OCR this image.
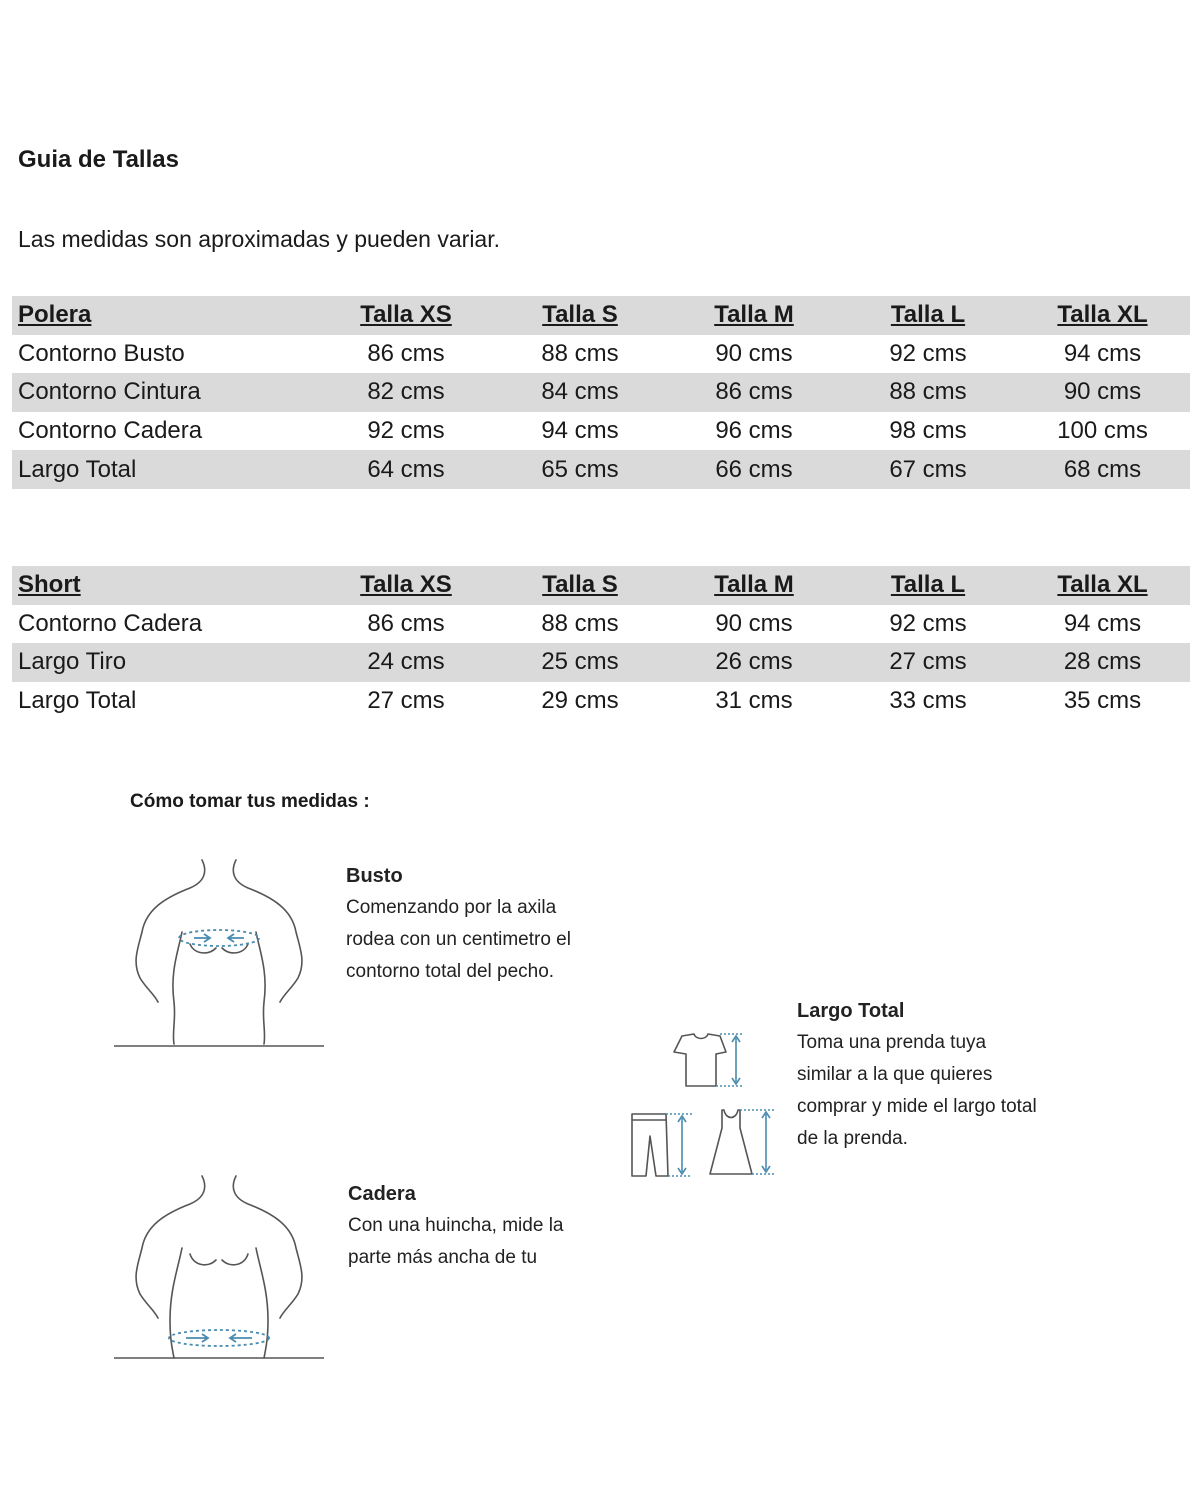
Guia de Tallas
Las medidas son aproximadas y pueden variar.
Polera	Talla XS	Talla S	Talla M	Talla L	Talla XL
Contorno Busto	86 cms	88 cms	90 cms	92 cms	94 cms
Contorno Cintura	82 cms	84 cms	86 cms	88 cms	90 cms
Contorno Cadera	92 cms	94 cms	96 cms	98 cms	100 cms
Largo Total	64 cms	65 cms	66 cms	67 cms	68 cms
Short	Talla XS	Talla S	Talla M	Talla L	Talla XL
Contorno Cadera	86 cms	88 cms	90 cms	92 cms	94 cms
Largo Tiro	24 cms	25 cms	26 cms	27 cms	28 cms
Largo Total	27 cms	29 cms	31 cms	33 cms	35 cms
Cómo tomar tus medidas :
Busto
Comenzando por la axila
rodea con un centimetro el
contorno total del pecho.
Largo Total
Toma una prenda tuya
similar a la que quieres
comprar y mide el largo total
de la prenda.
Cadera
Con una huincha, mide la
parte más ancha de tu
